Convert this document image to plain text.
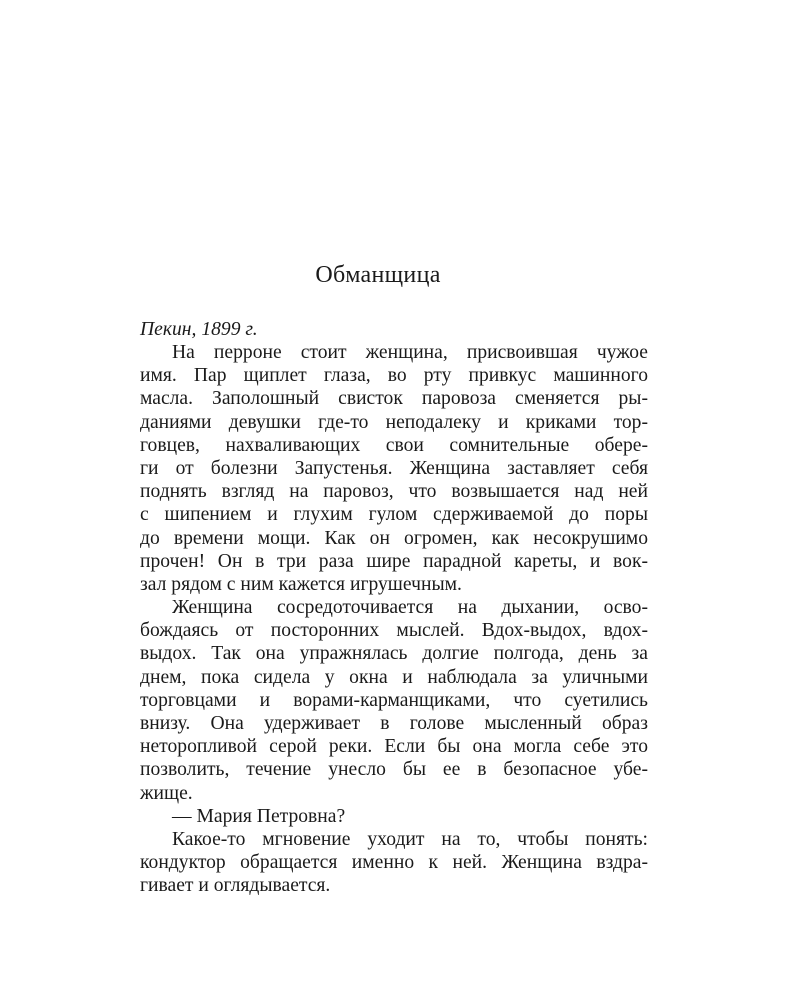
Обманщица
Пекин, 1899 г.
На перроне стоит женщина, присвоившая чужое
имя. Пар щиплет глаза, во рту привкус машинного
масла. Заполошный свисток паровоза сменяется ры-
даниями девушки где-то неподалеку и криками тор-
говцев, нахваливающих свои сомнительные обере-
ги от болезни Запустенья. Женщина заставляет себя
поднять взгляд на паровоз, что возвышается над ней
с шипением и глухим гулом сдерживаемой до поры
до времени мощи. Как он огромен, как несокрушимо
прочен! Он в три раза шире парадной кареты, и вок-
зал рядом с ним кажется игрушечным.
Женщина сосредоточивается на дыхании, осво-
бождаясь от посторонних мыслей. Вдох-выдох, вдох-
выдох. Так она упражнялась долгие полгода, день за
днем, пока сидела у окна и наблюдала за уличными
торговцами и ворами-карманщиками, что суетились
внизу. Она удерживает в голове мысленный образ
неторопливой серой реки. Если бы она могла себе это
позволить, течение унесло бы ее в безопасное убе-
жище.
— Мария Петровна?
Какое-то мгновение уходит на то, чтобы понять:
кондуктор обращается именно к ней. Женщина вздра-
гивает и оглядывается.
